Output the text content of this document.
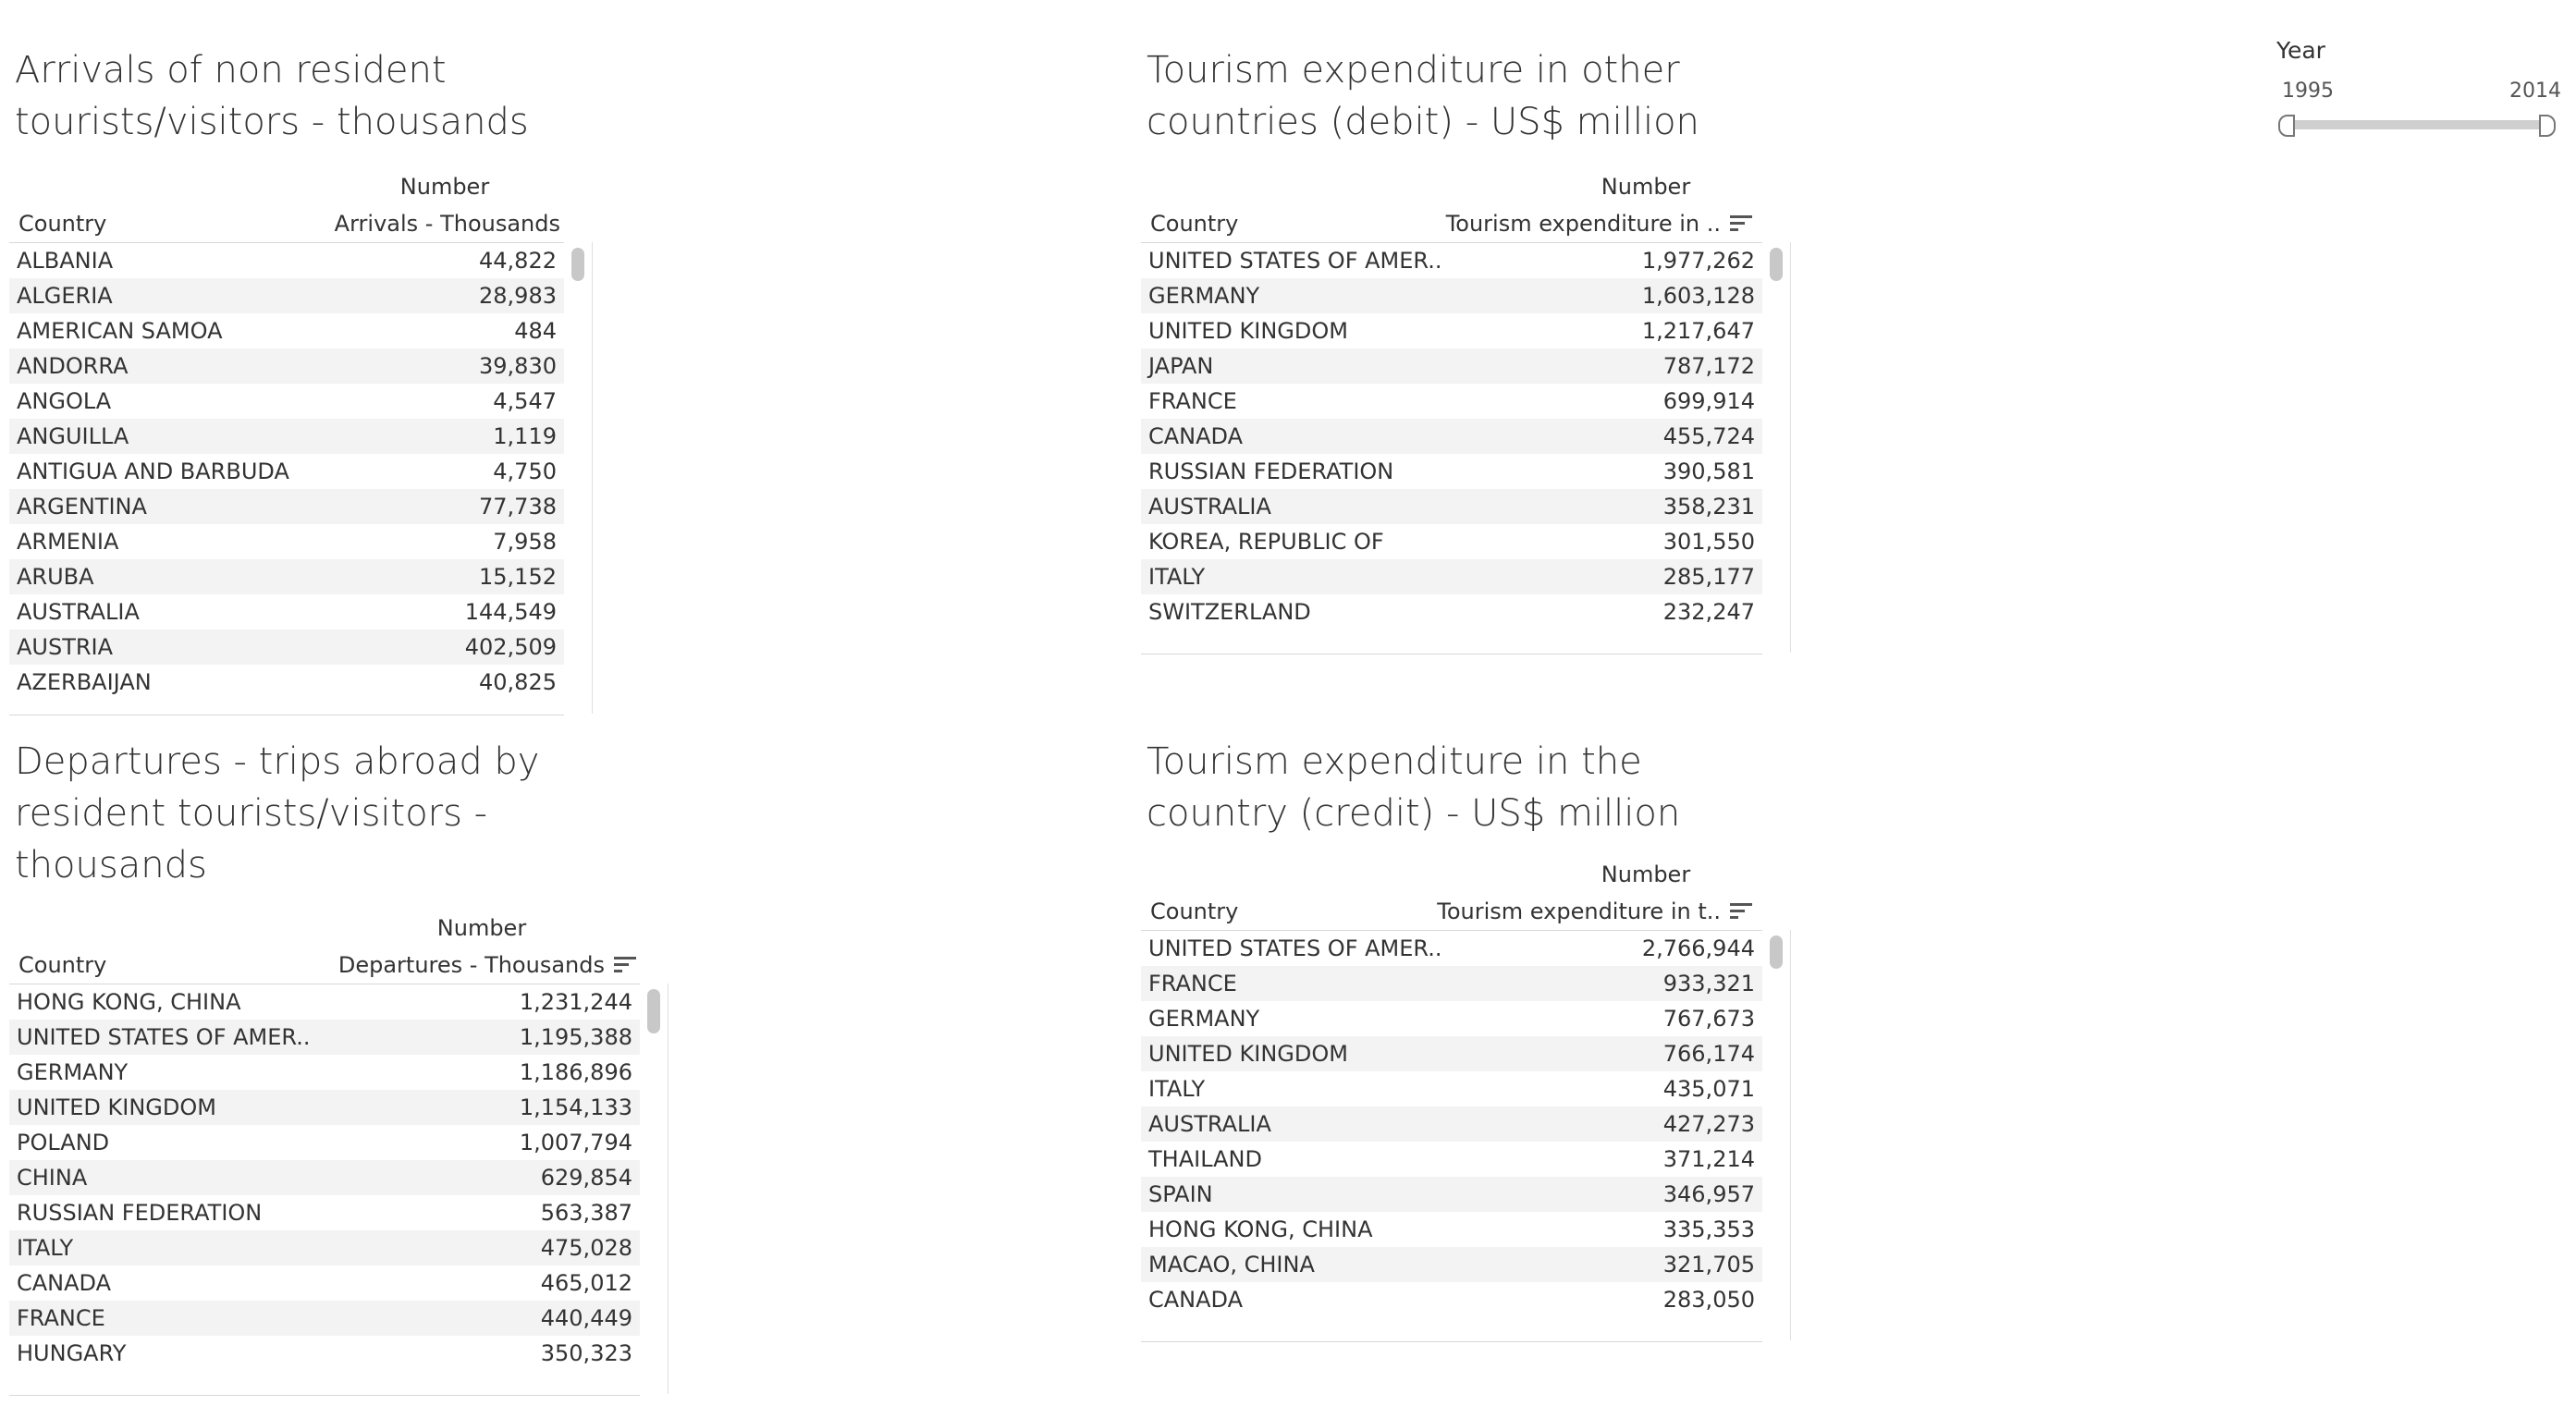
Arrivals of non resident
tourists/visitors - thousands
Number
Country	Arrivals - Thousands
ALBANIA	44,822
ALGERIA	28,983
AMERICAN SAMOA	484
ANDORRA	39,830
ANGOLA	4,547
ANGUILLA	1,119
ANTIGUA AND BARBUDA	4,750
ARGENTINA	77,738
ARMENIA	7,958
ARUBA	15,152
AUSTRALIA	144,549
AUSTRIA	402,509
AZERBAIJAN	40,825
Tourism expenditure in other
countries (debit) - US$ million
Number
Country	Tourism expenditure in ..
UNITED STATES OF AMER..	1,977,262
GERMANY	1,603,128
UNITED KINGDOM	1,217,647
JAPAN	787,172
FRANCE	699,914
CANADA	455,724
RUSSIAN FEDERATION	390,581
AUSTRALIA	358,231
KOREA, REPUBLIC OF	301,550
ITALY	285,177
SWITZERLAND	232,247
Departures - trips abroad by
resident tourists/visitors -
thousands
Number
Country	Departures - Thousands
HONG KONG, CHINA	1,231,244
UNITED STATES OF AMER..	1,195,388
GERMANY	1,186,896
UNITED KINGDOM	1,154,133
POLAND	1,007,794
CHINA	629,854
RUSSIAN FEDERATION	563,387
ITALY	475,028
CANADA	465,012
FRANCE	440,449
HUNGARY	350,323
Tourism expenditure in the
country (credit) - US$ million
Number
Country	Tourism expenditure in t..
UNITED STATES OF AMER..	2,766,944
FRANCE	933,321
GERMANY	767,673
UNITED KINGDOM	766,174
ITALY	435,071
AUSTRALIA	427,273
THAILAND	371,214
SPAIN	346,957
HONG KONG, CHINA	335,353
MACAO, CHINA	321,705
CANADA	283,050
Year
1995	2014
